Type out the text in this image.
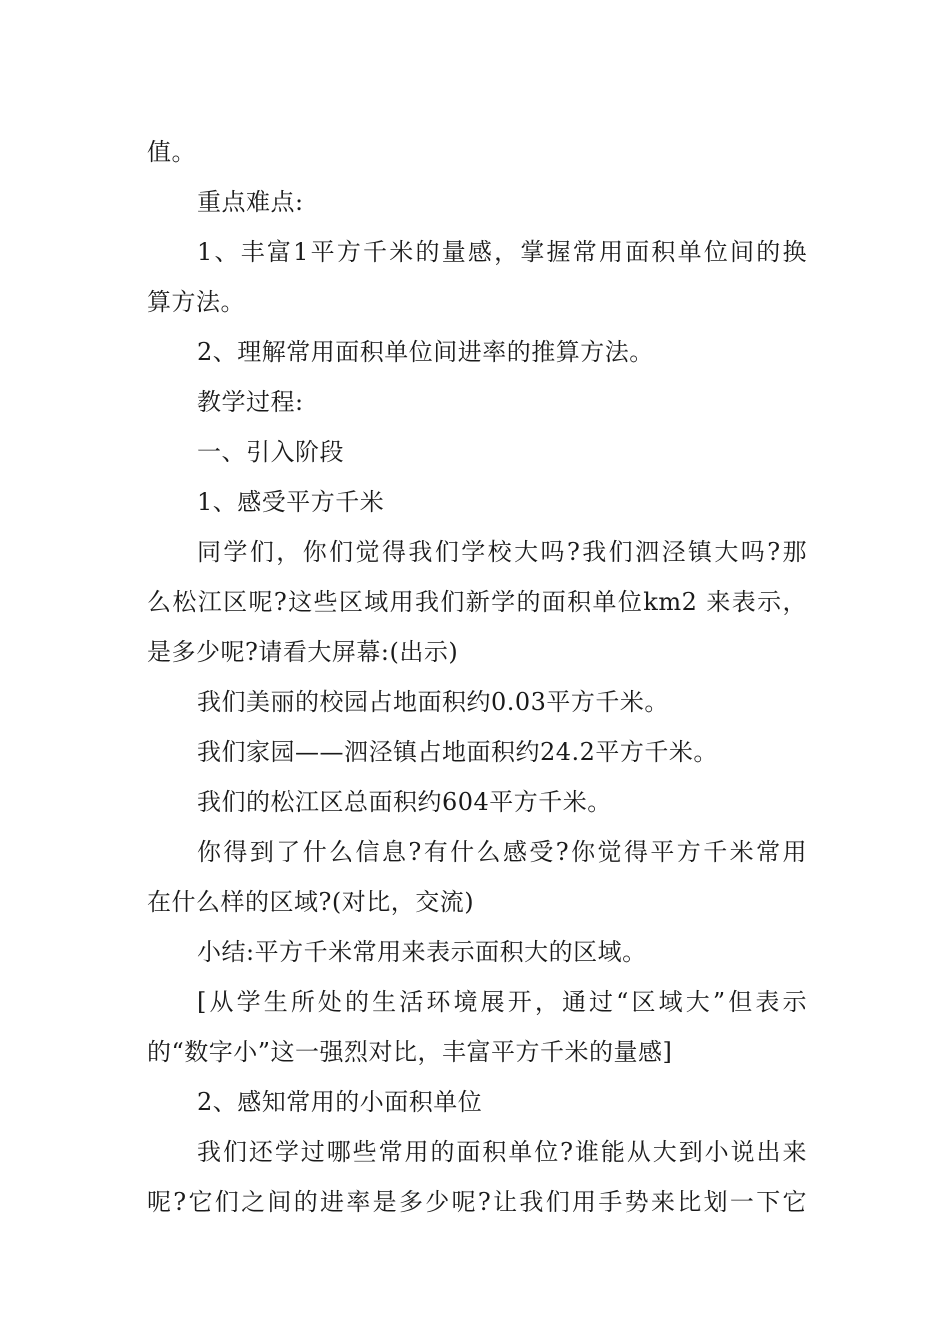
值。
重点难点:
1、丰富1平方千米的量感，掌握常用面积单位间的换
算方法。
2、理解常用面积单位间进率的推算方法。
教学过程:
一、引入阶段
1、感受平方千米
同学们，你们觉得我们学校大吗?我们泗泾镇大吗?那
么松江区呢?这些区域用我们新学的面积单位km2 来表示，
是多少呢?请看大屏幕:(出示)
我们美丽的校园占地面积约0.03平方千米。
我们家园——泗泾镇占地面积约24.2平方千米。
我们的松江区总面积约604平方千米。
你得到了什么信息?有什么感受?你觉得平方千米常用
在什么样的区域?(对比，交流)
小结:平方千米常用来表示面积大的区域。
[从学生所处的生活环境展开，通过“区域大”但表示
的“数字小”这一强烈对比，丰富平方千米的量感]
2、感知常用的小面积单位
我们还学过哪些常用的面积单位?谁能从大到小说出来
呢?它们之间的进率是多少呢?让我们用手势来比划一下它
